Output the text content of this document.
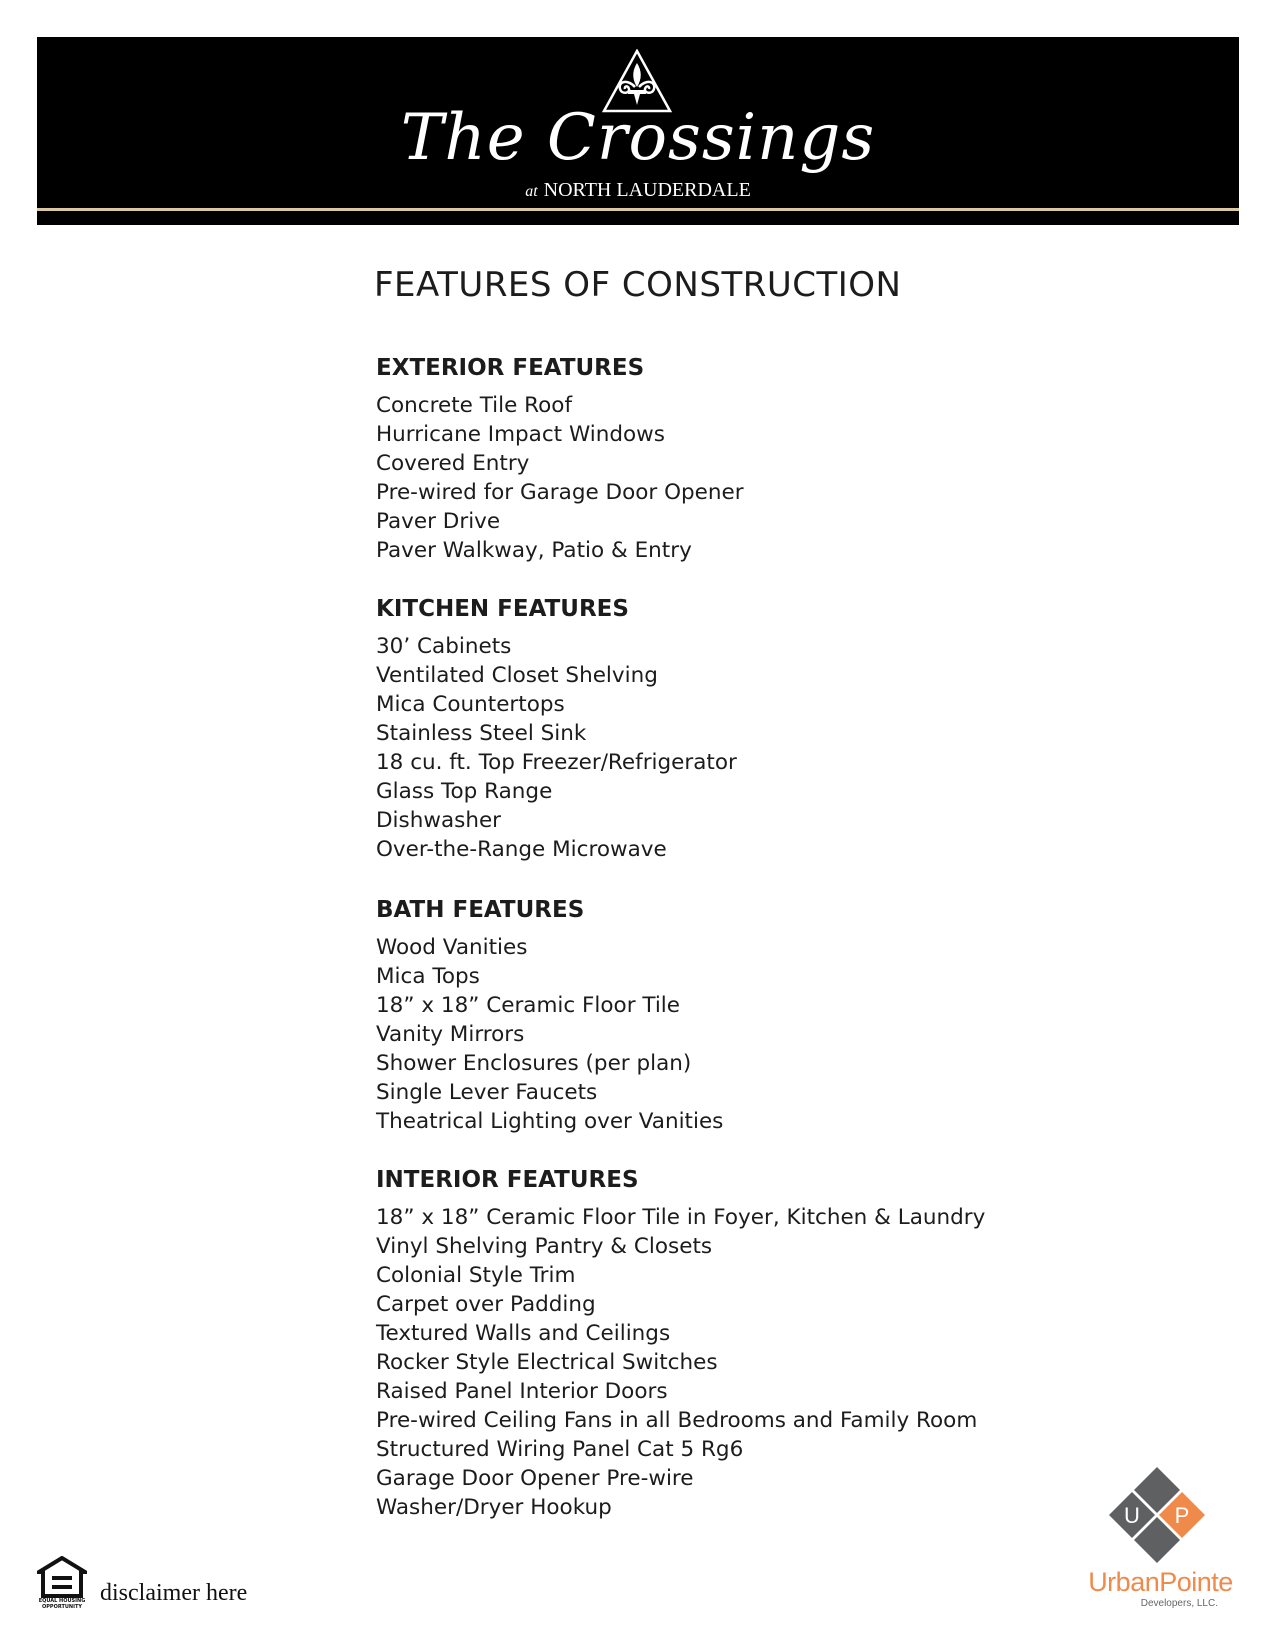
The Crossings
at NORTH LAUDERDALE
FEATURES OF CONSTRUCTION
EXTERIOR FEATURES
Concrete Tile Roof
Hurricane Impact Windows
Covered Entry
Pre-wired for Garage Door Opener
Paver Drive
Paver Walkway, Patio & Entry
KITCHEN FEATURES
30’ Cabinets
Ventilated Closet Shelving
Mica Countertops
Stainless Steel Sink
18 cu. ft. Top Freezer/Refrigerator
Glass Top Range
Dishwasher
Over-the-Range Microwave
BATH FEATURES
Wood Vanities
Mica Tops
18” x 18” Ceramic Floor Tile
Vanity Mirrors
Shower Enclosures (per plan)
Single Lever Faucets
Theatrical Lighting over Vanities
INTERIOR FEATURES
18” x 18” Ceramic Floor Tile in Foyer, Kitchen & Laundry
Vinyl Shelving Pantry & Closets
Colonial Style Trim
Carpet over Padding
Textured Walls and Ceilings
Rocker Style Electrical Switches
Raised Panel Interior Doors
Pre-wired Ceiling Fans in all Bedrooms and Family Room
Structured Wiring Panel Cat 5 Rg6
Garage Door Opener Pre-wire
Washer/Dryer Hookup
EQUAL HOUSING OPPORTUNITY
disclaimer here
U P
UrbanPointe
Developers, LLC.
